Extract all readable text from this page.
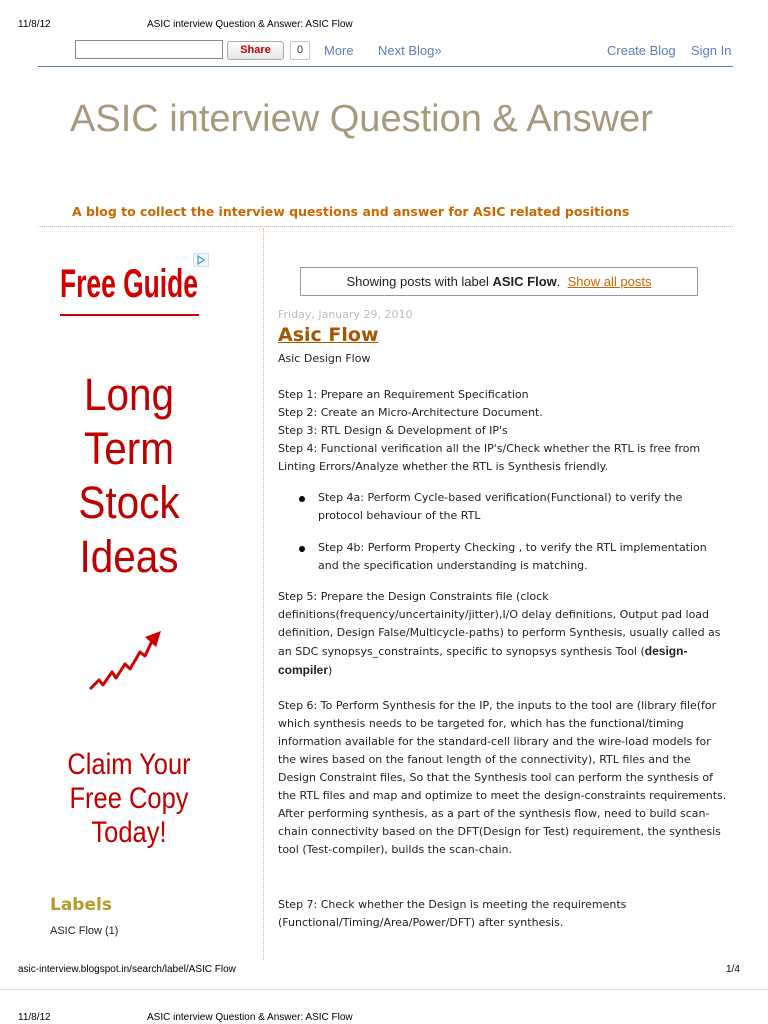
11/8/12	ASIC interview Question & Answer: ASIC Flow
Share	0	More Next Blog»	Create Blog Sign In
ASIC interview Question & Answer
A blog to collect the interview questions and answer for ASIC related positions
Free Guide
Long
Term
Stock
Ideas
Claim Your
Free Copy
Today!
Labels
ASIC Flow (1)
Showing posts with label ASIC Flow. Show all posts
Friday, January 29, 2010
Asic Flow
Asic Design Flow
Step 1: Prepare an Requirement Specification
Step 2: Create an Micro-Architecture Document.
Step 3: RTL Design & Development of IP's
Step 4: Functional verification all the IP's/Check whether the RTL is free from Linting Errors/Analyze whether the RTL is Synthesis friendly.
Step 4a: Perform Cycle-based verification(Functional) to verify the protocol behaviour of the RTL
Step 4b: Perform Property Checking , to verify the RTL implementation and the specification understanding is matching.
Step 5: Prepare the Design Constraints file (clock definitions(frequency/uncertainity/jitter),I/O delay definitions, Output pad load definition, Design False/Multicycle-paths) to perform Synthesis, usually called as an SDC synopsys_constraints, specific to synopsys synthesis Tool (design-compiler)
Step 6: To Perform Synthesis for the IP, the inputs to the tool are (library file(for which synthesis needs to be targeted for, which has the functional/timing information available for the standard-cell library and the wire-load models for the wires based on the fanout length of the connectivity), RTL files and the Design Constraint files, So that the Synthesis tool can perform the synthesis of the RTL files and map and optimize to meet the design-constraints requirements. After performing synthesis, as a part of the synthesis flow, need to build scan-chain connectivity based on the DFT(Design for Test) requirement, the synthesis tool (Test-compiler), builds the scan-chain.
Step 7: Check whether the Design is meeting the requirements (Functional/Timing/Area/Power/DFT) after synthesis.
asic-interview.blogspot.in/search/label/ASIC Flow	1/4
11/8/12	ASIC interview Question & Answer: ASIC Flow
